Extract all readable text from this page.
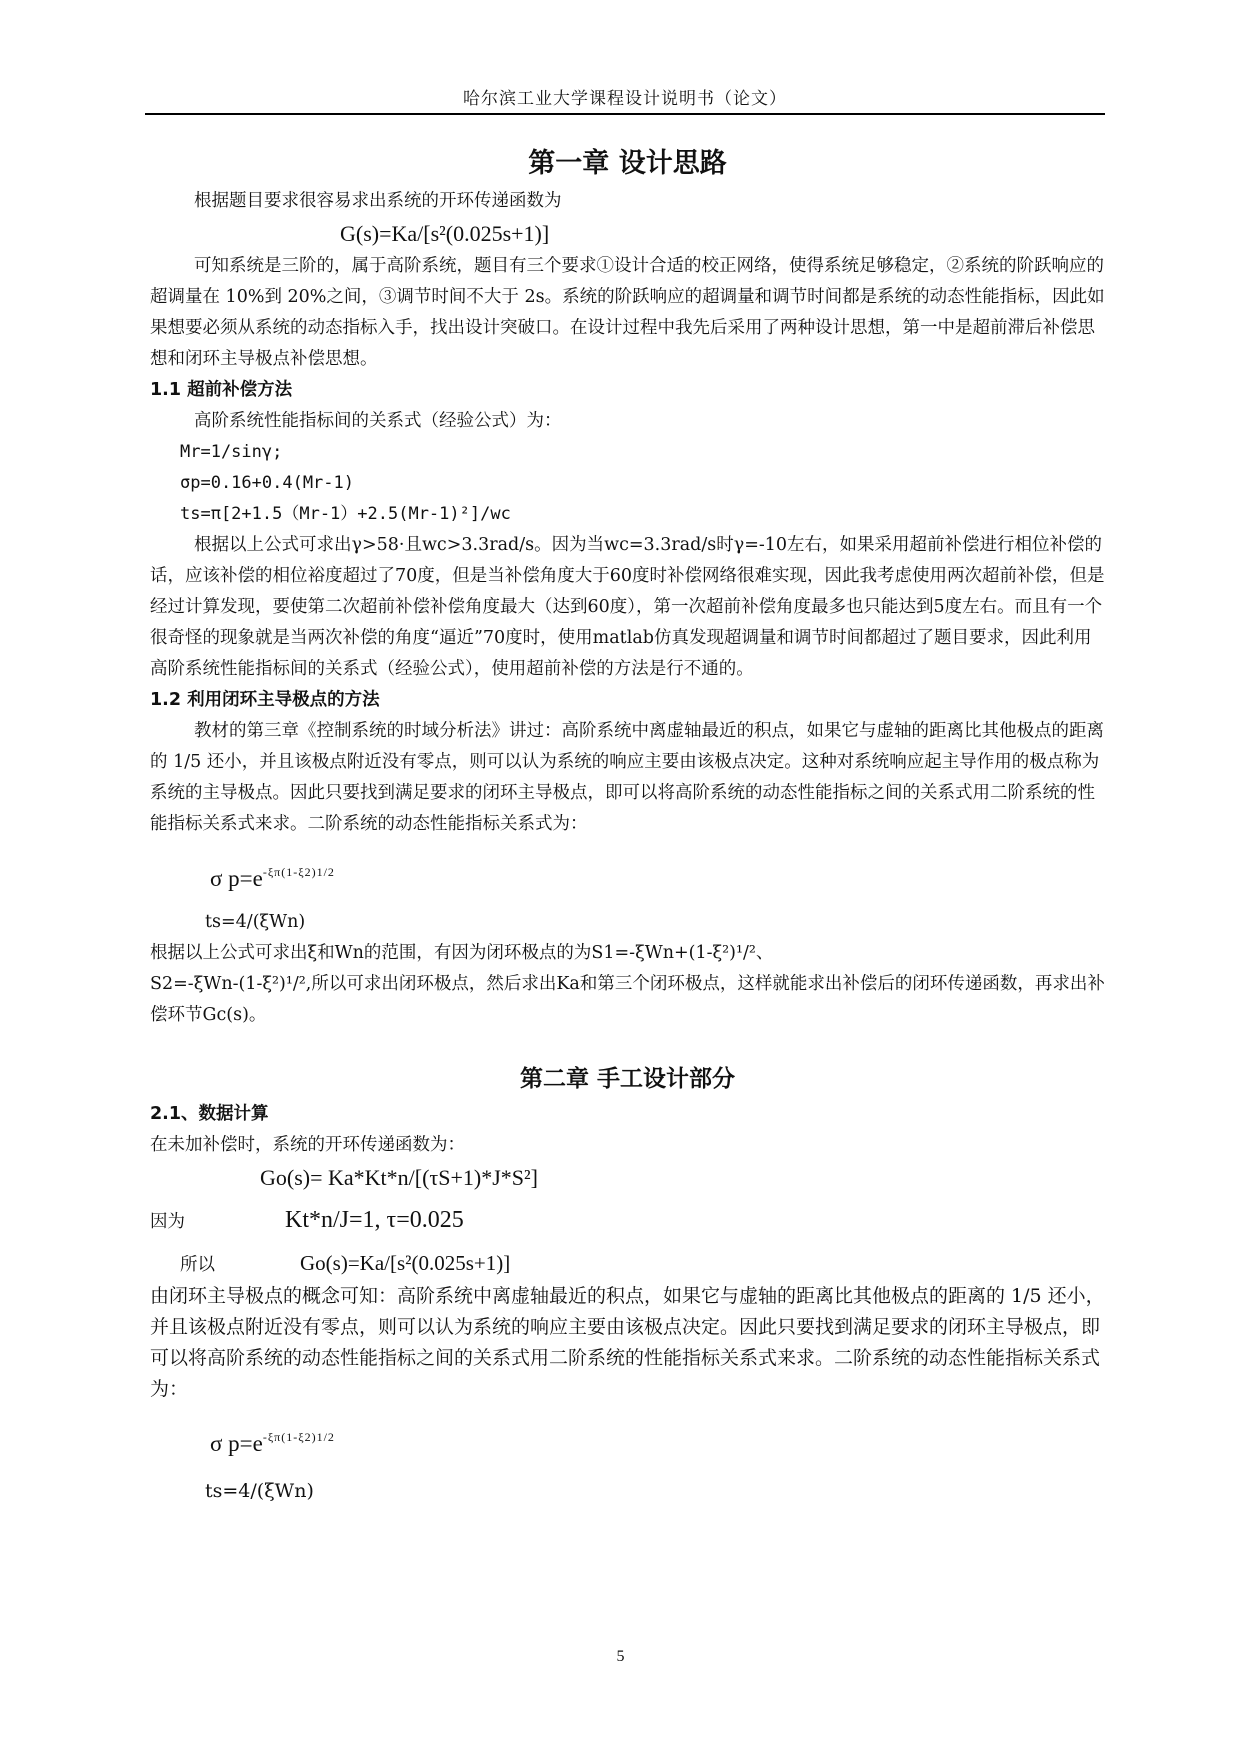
哈尔滨工业大学课程设计说明书（论文）
第一章 设计思路

根据题目要求很容易求出系统的开环传递函数为

G(s)=Ka/[s²(0.025s+1)]

可知系统是三阶的，属于高阶系统，题目有三个要求①设计合适的校正网络，使得系统足够稳定，②系统的阶跃响应的超调量在 10%到 20%之间，③调节时间不大于 2s。系统的阶跃响应的超调量和调节时间都是系统的动态性能指标，因此如果想要必须从系统的动态指标入手，找出设计突破口。在设计过程中我先后采用了两种设计思想，第一中是超前滞后补偿思想和闭环主导极点补偿思想。

1.1 超前补偿方法

高阶系统性能指标间的关系式（经验公式）为：

Mr=1/sinγ;

σp=0.16+0.4(Mr-1)

ts=π[2+1.5（Mr-1）+2.5(Mr-1)²]/wc

根据以上公式可求出γ>58·且wc>3.3rad/s。因为当wc=3.3rad/s时γ=-10左右，如果采用超前补偿进行相位补偿的话，应该补偿的相位裕度超过了70度，但是当补偿角度大于60度时补偿网络很难实现，因此我考虑使用两次超前补偿，但是经过计算发现，要使第二次超前补偿补偿角度最大（达到60度），第一次超前补偿角度最多也只能达到5度左右。而且有一个很奇怪的现象就是当两次补偿的角度“逼近”70度时，使用matlab仿真发现超调量和调节时间都超过了题目要求，因此利用高阶系统性能指标间的关系式（经验公式），使用超前补偿的方法是行不通的。

1.2 利用闭环主导极点的方法

教材的第三章《控制系统的时域分析法》讲过：高阶系统中离虚轴最近的积点，如果它与虚轴的距离比其他极点的距离的 1/5 还小，并且该极点附近没有零点，则可以认为系统的响应主要由该极点决定。这种对系统响应起主导作用的极点称为系统的主导极点。因此只要找到满足要求的闭环主导极点，即可以将高阶系统的动态性能指标之间的关系式用二阶系统的性能指标关系式来求。二阶系统的动态性能指标关系式为：

σ $p=e^{-\xi\pi(1-\xi 2)1/2}$

ts=4/(ξWn)

根据以上公式可求出ξ和Wn的范围，有因为闭环极点的为S1=-ξWn+(1-ξ²)¹/²、

S2=-ξWn-(1-ξ²)¹/²,所以可求出闭环极点，然后求出Ka和第三个闭环极点，这样就能求出补偿后的闭环传递函数，再求出补偿环节Gc(s)。

第二章 手工设计部分

2.1、数据计算

在未加补偿时，系统的开环传递函数为：

Go(s)= Ka*Kt*n/[(τS+1)*J*S²]

因为	Kt*n/J=1, τ=0.025

所以	Go(s)=Ka/[s²(0.025s+1)]

由闭环主导极点的概念可知：高阶系统中离虚轴最近的积点，如果它与虚轴的距离比其他极点的距离的 1/5 还小，并且该极点附近没有零点，则可以认为系统的响应主要由该极点决定。因此只要找到满足要求的闭环主导极点，即可以将高阶系统的动态性能指标之间的关系式用二阶系统的性能指标关系式来求。二阶系统的动态性能指标关系式为：

σ $p=e^{-\xi\pi(1-\xi 2)1/2}$

ts=4/(ξWn)

5
